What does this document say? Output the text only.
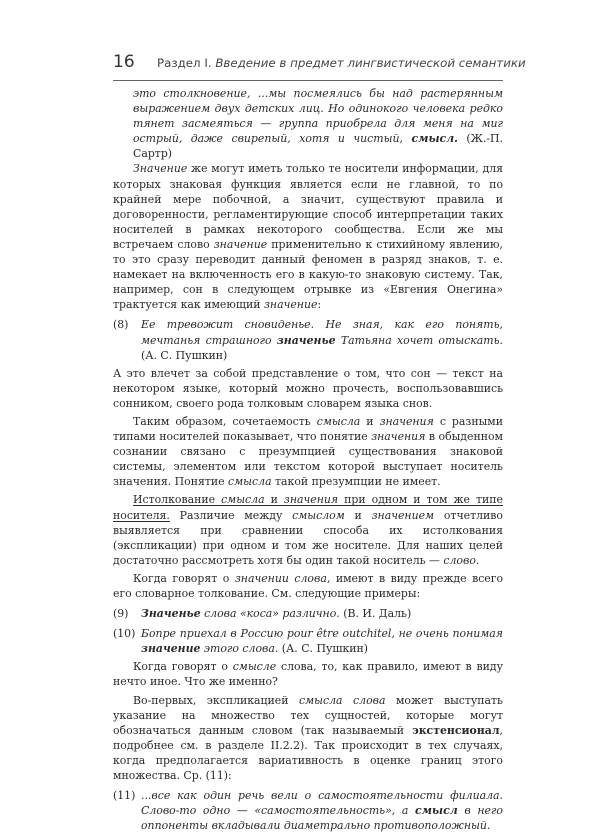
16 Раздел I. Введение в предмет лингвистической семантики
это столкновение, ...мы посмеялись бы над растерянным выражением двух детских лиц. Но одинокого человека редко тянет засмеяться — группа приобрела для меня на миг острый, даже свирепый, хотя и чистый, смысл. (Ж.-П. Сартр)

Значение же могут иметь только те носители информации, для которых знаковая функция является если не главной, то по крайней мере побочной, а значит, существуют правила и договоренности, регламентирующие способ интерпретации таких носителей в рамках некоторого сообщества. Если же мы встречаем слово значение применительно к стихийному явлению, то это сразу переводит данный феномен в разряд знаков, т. е. намекает на включенность его в какую-то знаковую систему. Так, например, сон в следующем отрывке из «Евгения Онегина» трактуется как имеющий значение:

(8)	Ее тревожит сновиденье. Не зная, как его понять, мечтанья страшного значенье Татьяна хочет отыскать. (А. С. Пушкин)

А это влечет за собой представление о том, что сон — текст на некотором языке, который можно прочесть, воспользовавшись сонником, своего рода толковым словарем языка снов.

Таким образом, сочетаемость смысла и значения с разными типами носителей показывает, что понятие значения в обыденном сознании связано с презумпцией существования знаковой системы, элементом или текстом которой выступает носитель значения. Понятие смысла такой презумпции не имеет.

Истолкование смысла и значения при одном и том же типе носителя. Различие между смыслом и значением отчетливо выявляется при сравнении способа их истолкования (экспликации) при одном и том же носителе. Для наших целей достаточно рассмотреть хотя бы один такой носитель — слово.

Когда говорят о значении слова, имеют в виду прежде всего его словарное толкование. См. следующие примеры:

(9)	Значенье слова «коса» различно. (В. И. Даль)
(10) Бопре приехал в Россию pour être outchitel, не очень понимая значение этого слова. (А. С. Пушкин)

Когда говорят о смысле слова, то, как правило, имеют в виду нечто иное. Что же именно?

Во-первых, экспликацией смысла слова может выступать указание на множество тех сущностей, которые могут обозначаться данным словом (так называемый экстенсионал, подробнее см. в разделе II.2.2). Так происходит в тех случаях, когда предполагается вариативность в оценке границ этого множества. Ср. (11):

(11) ...все как один речь вели о самостоятельности филиала. Слово-то одно — «самостоятельность», а смысл в него оппоненты вкладывали диаметрально противоположный.
